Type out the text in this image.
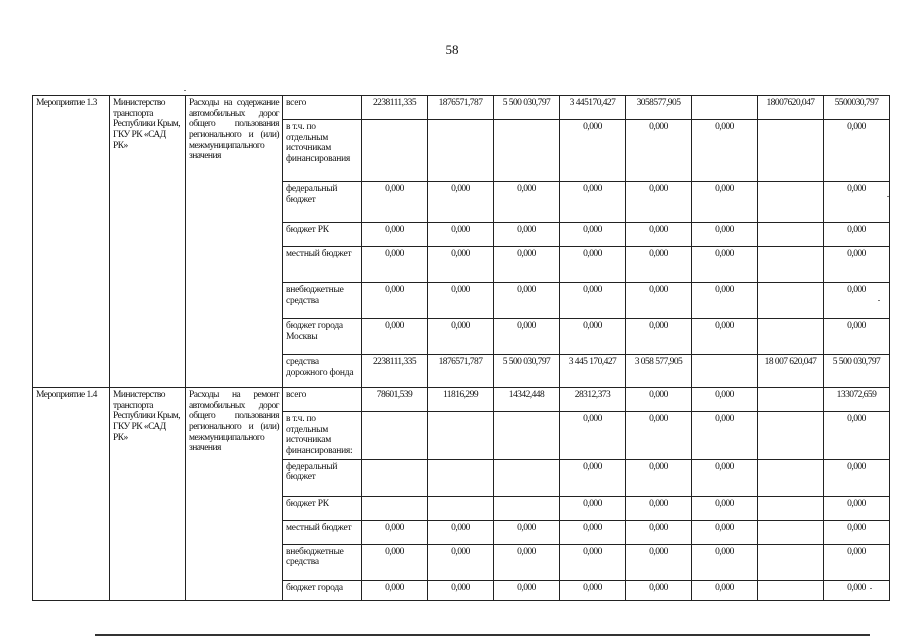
58
Мероприятие 1.3	Министерство транспорта Республики Крым, ГКУ РК «САД РК»	Расходы на содержание автомобильных дорог общего пользования регионального и (или) межмуниципального значения	всего	2238111,335	1876571,787	5 500 030,797	3 445170,427	3058577,905		18007620,047	5500030,797
			в т.ч. по отдельным источникам финансирования				0,000	0,000	0,000		0,000
			федеральный бюджет	0,000	0,000	0,000	0,000	0,000	0,000		0,000
			бюджет РК	0,000	0,000	0,000	0,000	0,000	0,000		0,000
			местный бюджет	0,000	0,000	0,000	0,000	0,000	0,000		0,000
			внебюджетные средства	0,000	0,000	0,000	0,000	0,000	0,000		0,000
			бюджет города Москвы	0,000	0,000	0,000	0,000	0,000	0,000		0,000
			средства дорожного фонда	2238111,335	1876571,787	5 500 030,797	3 445 170,427	3 058 577,905		18 007 620,047	5 500 030,797
Мероприятие 1.4	Министерство транспорта Республики Крым, ГКУ РК «САД РК»	Расходы на ремонт автомобильных дорог общего пользования регионального и (или) межмуниципального значения	всего	78601,539	11816,299	14342,448	28312,373	0,000	0,000		133072,659
			в т.ч. по отдельным источникам финансирования:				0,000	0,000	0,000		0,000
			федеральный бюджет				0,000	0,000	0,000		0,000
			бюджет РК				0,000	0,000	0,000		0,000
			местный бюджет	0,000	0,000	0,000	0,000	0,000	0,000		0,000
			внебюджетные средства	0,000	0,000	0,000	0,000	0,000	0,000		0,000
			бюджет города	0,000	0,000	0,000	0,000	0,000	0,000		0,000
